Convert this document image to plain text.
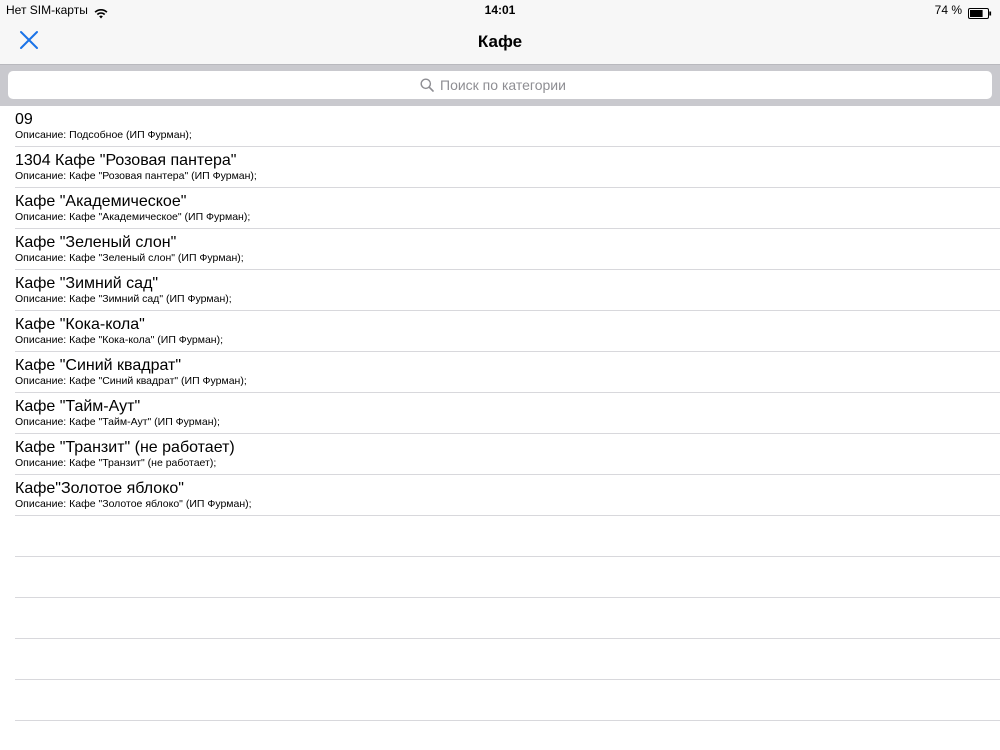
Нет SIM-карты	14:01	74 %
Кафе
Поиск по категории
09
Описание: Подсобное (ИП Фурман);
1304 Кафе "Розовая пантера"
Описание: Кафе "Розовая пантера" (ИП Фурман);
Кафе "Академическое"
Описание: Кафе "Академическое" (ИП Фурман);
Кафе "Зеленый слон"
Описание: Кафе "Зеленый слон" (ИП Фурман);
Кафе "Зимний сад"
Описание: Кафе "Зимний сад" (ИП Фурман);
Кафе "Кока-кола"
Описание: Кафе "Кока-кола" (ИП Фурман);
Кафе "Синий квадрат"
Описание: Кафе "Синий квадрат" (ИП Фурман);
Кафе "Тайм-Аут"
Описание: Кафе "Тайм-Аут" (ИП Фурман);
Кафе "Транзит" (не работает)
Описание: Кафе "Транзит" (не работает);
Кафе"Золотое яблоко"
Описание: Кафе "Золотое яблоко" (ИП Фурман);
